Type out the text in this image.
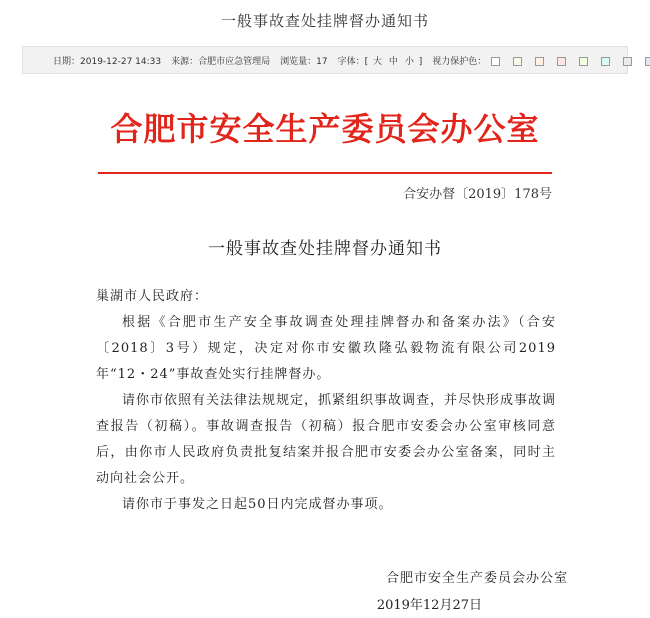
一般事故查处挂牌督办通知书
日期：2019-12-27 14:33 来源：合肥市应急管理局 浏览量：17 字体：[ 大 中 小 ] 视力保护色：
合肥市安全生产委员会办公室
合安办督〔2019〕178号
一般事故查处挂牌督办通知书

巢湖市人民政府：

根据《合肥市生产安全事故调查处理挂牌督办和备案办法》（合安〔2018〕3号）规定，决定对你市安徽玖隆弘毅物流有限公司2019年“12・24”事故查处实行挂牌督办。

请你市依照有关法律法规规定，抓紧组织事故调查，并尽快形成事故调查报告（初稿）。事故调查报告（初稿）报合肥市安委会办公室审核同意后，由你市人民政府负责批复结案并报合肥市安委会办公室备案，同时主动向社会公开。

请你市于事发之日起50日内完成督办事项。

合肥市安全生产委员会办公室
2019年12月27日
